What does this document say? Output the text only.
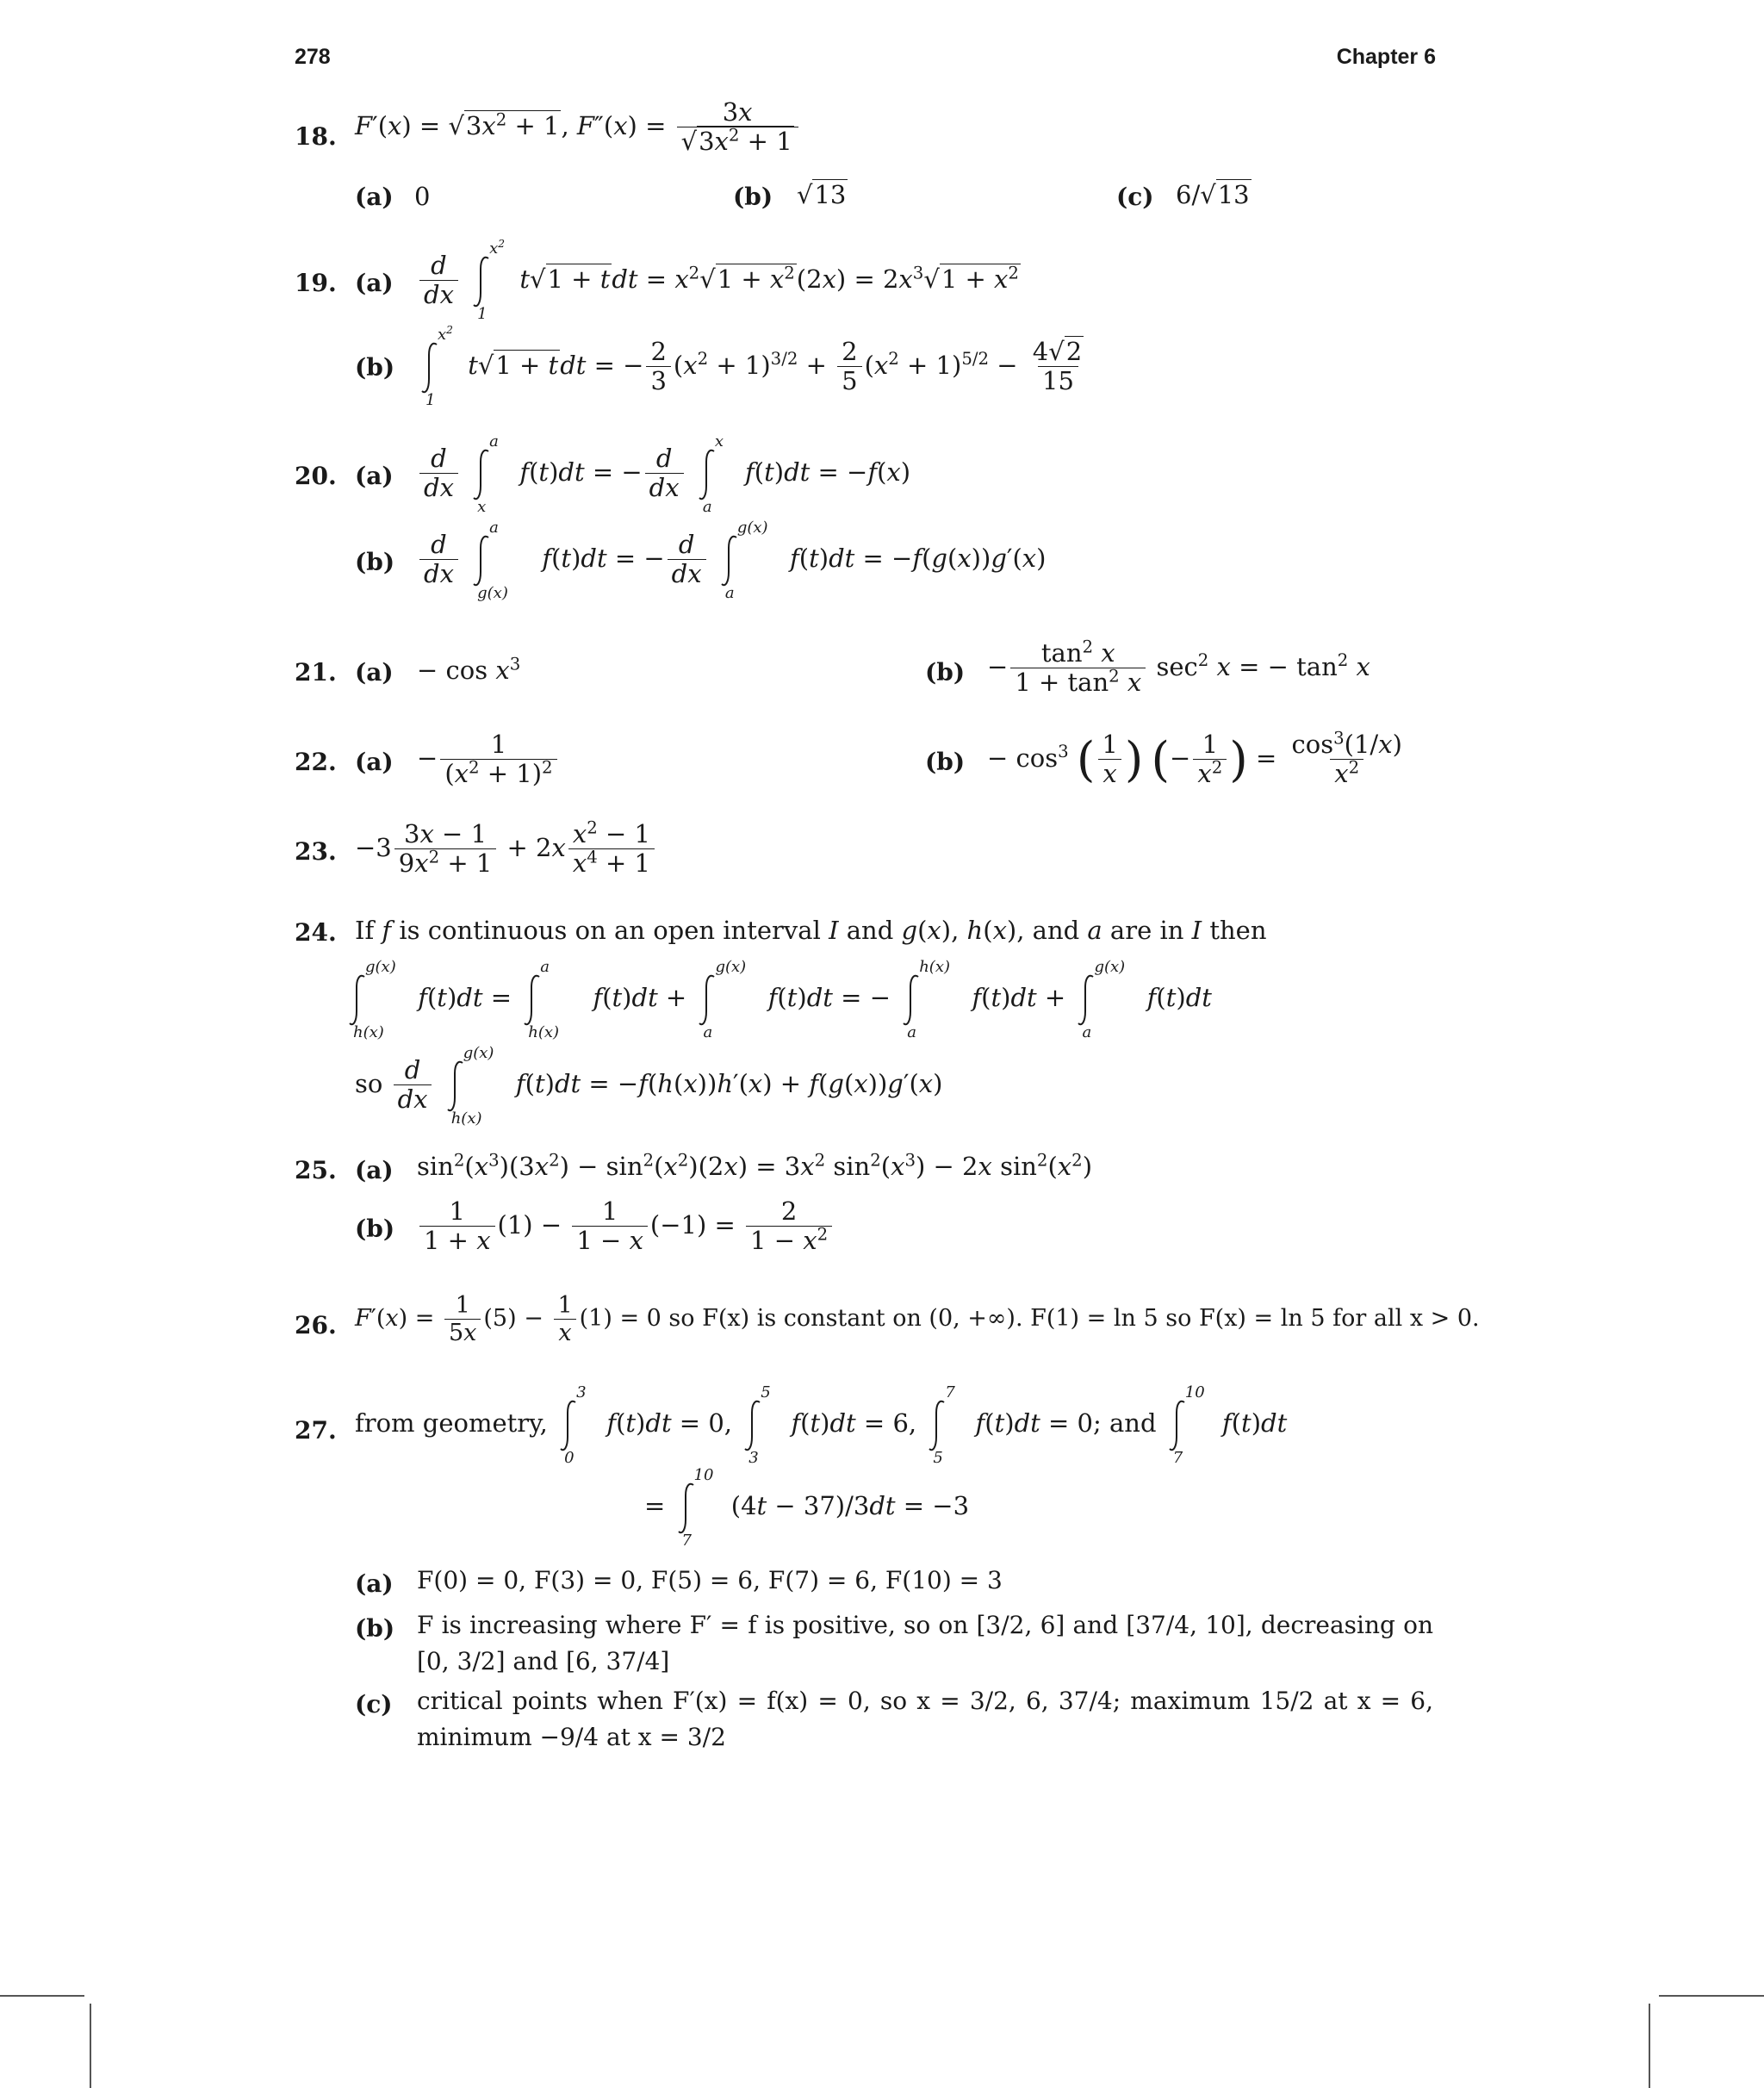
278	Chapter 6
18. $F'(x) = √3x^2 + 1$, $F''(x) = \frac{3x}{√3x^2 + 1}$
(a) 0	(b) √13	(c) 6/√13
19. $(a) \frac{d}{dx}$

$x^2$
1
t√1 + tdt = $x^2√1 + x^2(2x) = 2x^3√1 + x^2$
(b)
$x^2$
1
t√1 + tdt = − $\frac{2}{3} (x^2 + 1)^{3/2} + \frac{2}{5} (x^2 + 1)^{5/2} - \frac{4√2}{15}$
20. $(a) \frac{d}{dx}$

a
x
f(t)dt = − $\frac{d}{dx}$

x
a
f(t)dt = −f(x)
$(b) \frac{d}{dx}$

a
g(x)
f(t)dt = − $\frac{d}{dx}$

g(x)
a
f(t)dt = −f(g(x))g′(x)
21. $(a) - \cos x^3$	$(b) - \frac{\tan^2 x}{1 + \tan^2 x} \sec^2 x$ = − $\tan^2 x$
22. $(a) - \frac{1}{(x^2 + 1)^2}$	$(b) - \cos^3$ ( $\frac{1}{x}$ ) (− $\frac{1}{x^2}$ ) = $\frac{\cos^3(1/x)}{x^2}$
23. $-3 \frac{3x - 1}{9x^2 + 1} + 2x \frac{x^2 - 1}{x^4 + 1}$
24. If f is continuous on an open interval I and g(x), h(x), and a are in I then
g(x)
h(x)
f(t)dt =
a
h(x)
f(t)dt +
g(x)
a
f(t)dt = −
h(x)
a
f(t)dt +
g(x)
a
f(t)dt
so $\frac{d}{dx}$

g(x)
h(x)
f(t)dt = −f(h(x))h′(x) + f(g(x))g′(x)
25. (a) $\sin^2(x^3)(3x^2) - \sin^2(x^2)(2x) = 3x^2$ $\sin^2(x^3) - 2x$ $\sin^2(x^2)$
$(b) \frac{1}{1 + x} (1) - \frac{1}{1 - x} (-1) = \frac{2}{1 - x^2}$
26. $F'(x) = \frac{1}{5x} (5) - \frac{1}{x} (1) = 0$ so F(x) is constant on (0, +∞). F(1) = ln 5 so F(x) = ln 5 for all x > 0.
27. from geometry,
3
0
f(t)dt = 0,
5
3
f(t)dt = 6,
7
5
f(t)dt = 0; and
10
7
f(t)dt
=
10
7
(4t − 37)/3dt = −3
(a) F(0) = 0, F(3) = 0, F(5) = 6, F(7) = 6, F(10) = 3
(b) F is increasing where F′ = f is positive, so on [3/2, 6] and [37/4, 10], decreasing on [0, 3/2] and [6, 37/4]
(c) critical points when F′(x) = f(x) = 0, so x = 3/2, 6, 37/4; maximum 15/2 at x = 6, minimum −9/4 at x = 3/2
